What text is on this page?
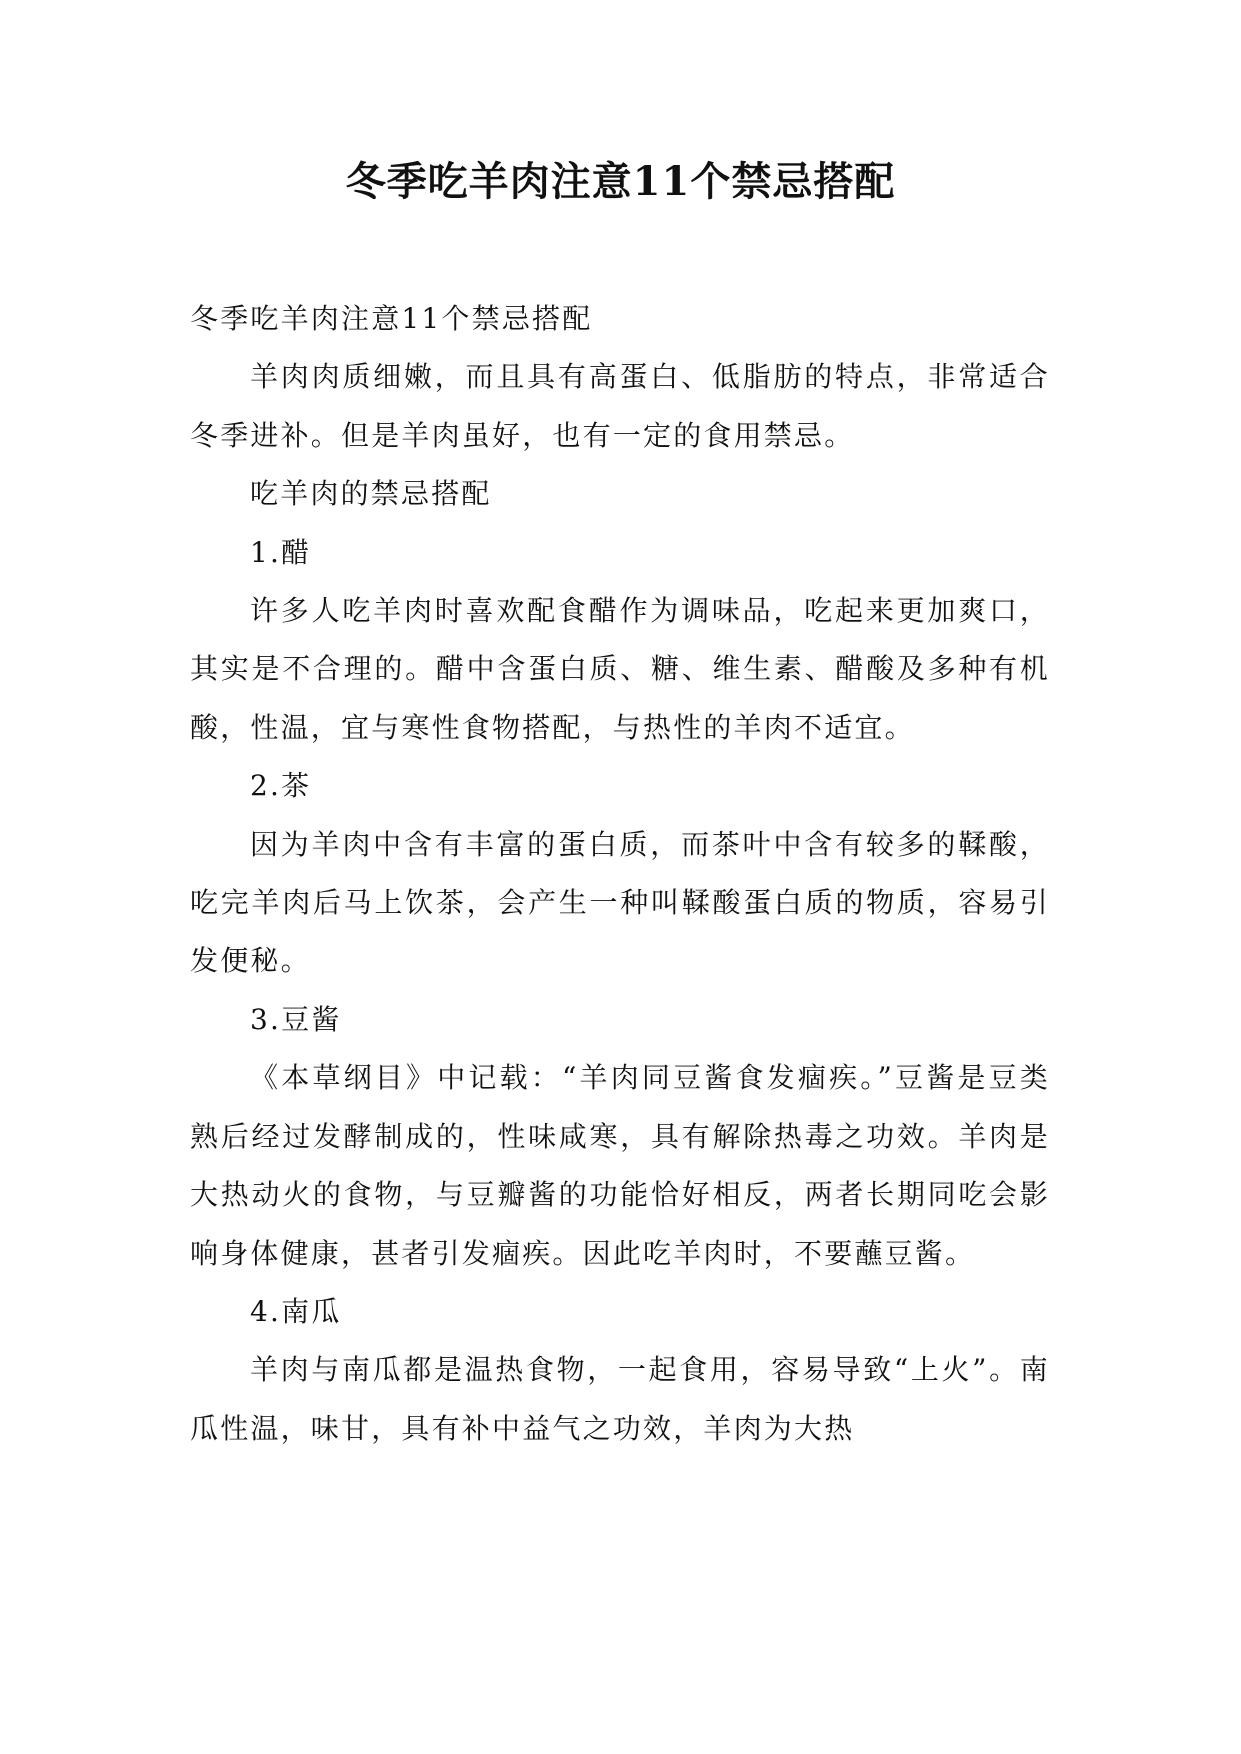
冬季吃羊肉注意11个禁忌搭配

冬季吃羊肉注意11个禁忌搭配

羊肉肉质细嫩，而且具有高蛋白、低脂肪的特点，非常适合冬季进补。但是羊肉虽好，也有一定的食用禁忌。

吃羊肉的禁忌搭配

1.醋

许多人吃羊肉时喜欢配食醋作为调味品，吃起来更加爽口，其实是不合理的。醋中含蛋白质、糖、维生素、醋酸及多种有机酸，性温，宜与寒性食物搭配，与热性的羊肉不适宜。

2.茶

因为羊肉中含有丰富的蛋白质，而茶叶中含有较多的鞣酸，吃完羊肉后马上饮茶，会产生一种叫鞣酸蛋白质的物质，容易引发便秘。

3.豆酱

《本草纲目》中记载：“羊肉同豆酱食发痼疾。”豆酱是豆类熟后经过发酵制成的，性味咸寒，具有解除热毒之功效。羊肉是大热动火的食物，与豆瓣酱的功能恰好相反，两者长期同吃会影响身体健康，甚者引发痼疾。因此吃羊肉时，不要蘸豆酱。

4.南瓜

羊肉与南瓜都是温热食物，一起食用，容易导致“上火”。南瓜性温，味甘，具有补中益气之功效，羊肉为大热
